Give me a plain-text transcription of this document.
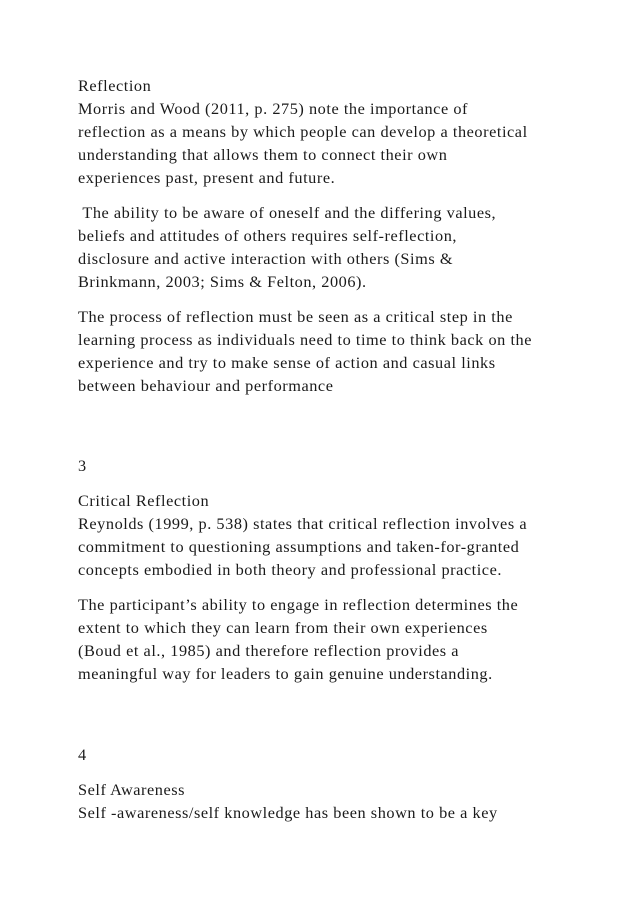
Reflection
Morris and Wood (2011, p. 275) note the importance of
reflection as a means by which people can develop a theoretical
understanding that allows them to connect their own
experiences past, present and future.
The ability to be aware of oneself and the differing values,
beliefs and attitudes of others requires self-reflection,
disclosure and active interaction with others (Sims &
Brinkmann, 2003; Sims & Felton, 2006).
The process of reflection must be seen as a critical step in the
learning process as individuals need to time to think back on the
experience and try to make sense of action and casual links
between behaviour and performance
3
Critical Reflection
Reynolds (1999, p. 538) states that critical reflection involves a
commitment to questioning assumptions and taken-for-granted
concepts embodied in both theory and professional practice.
The participant’s ability to engage in reflection determines the
extent to which they can learn from their own experiences
(Boud et al., 1985) and therefore reflection provides a
meaningful way for leaders to gain genuine understanding.
4
Self Awareness
Self -awareness/self knowledge has been shown to be a key
